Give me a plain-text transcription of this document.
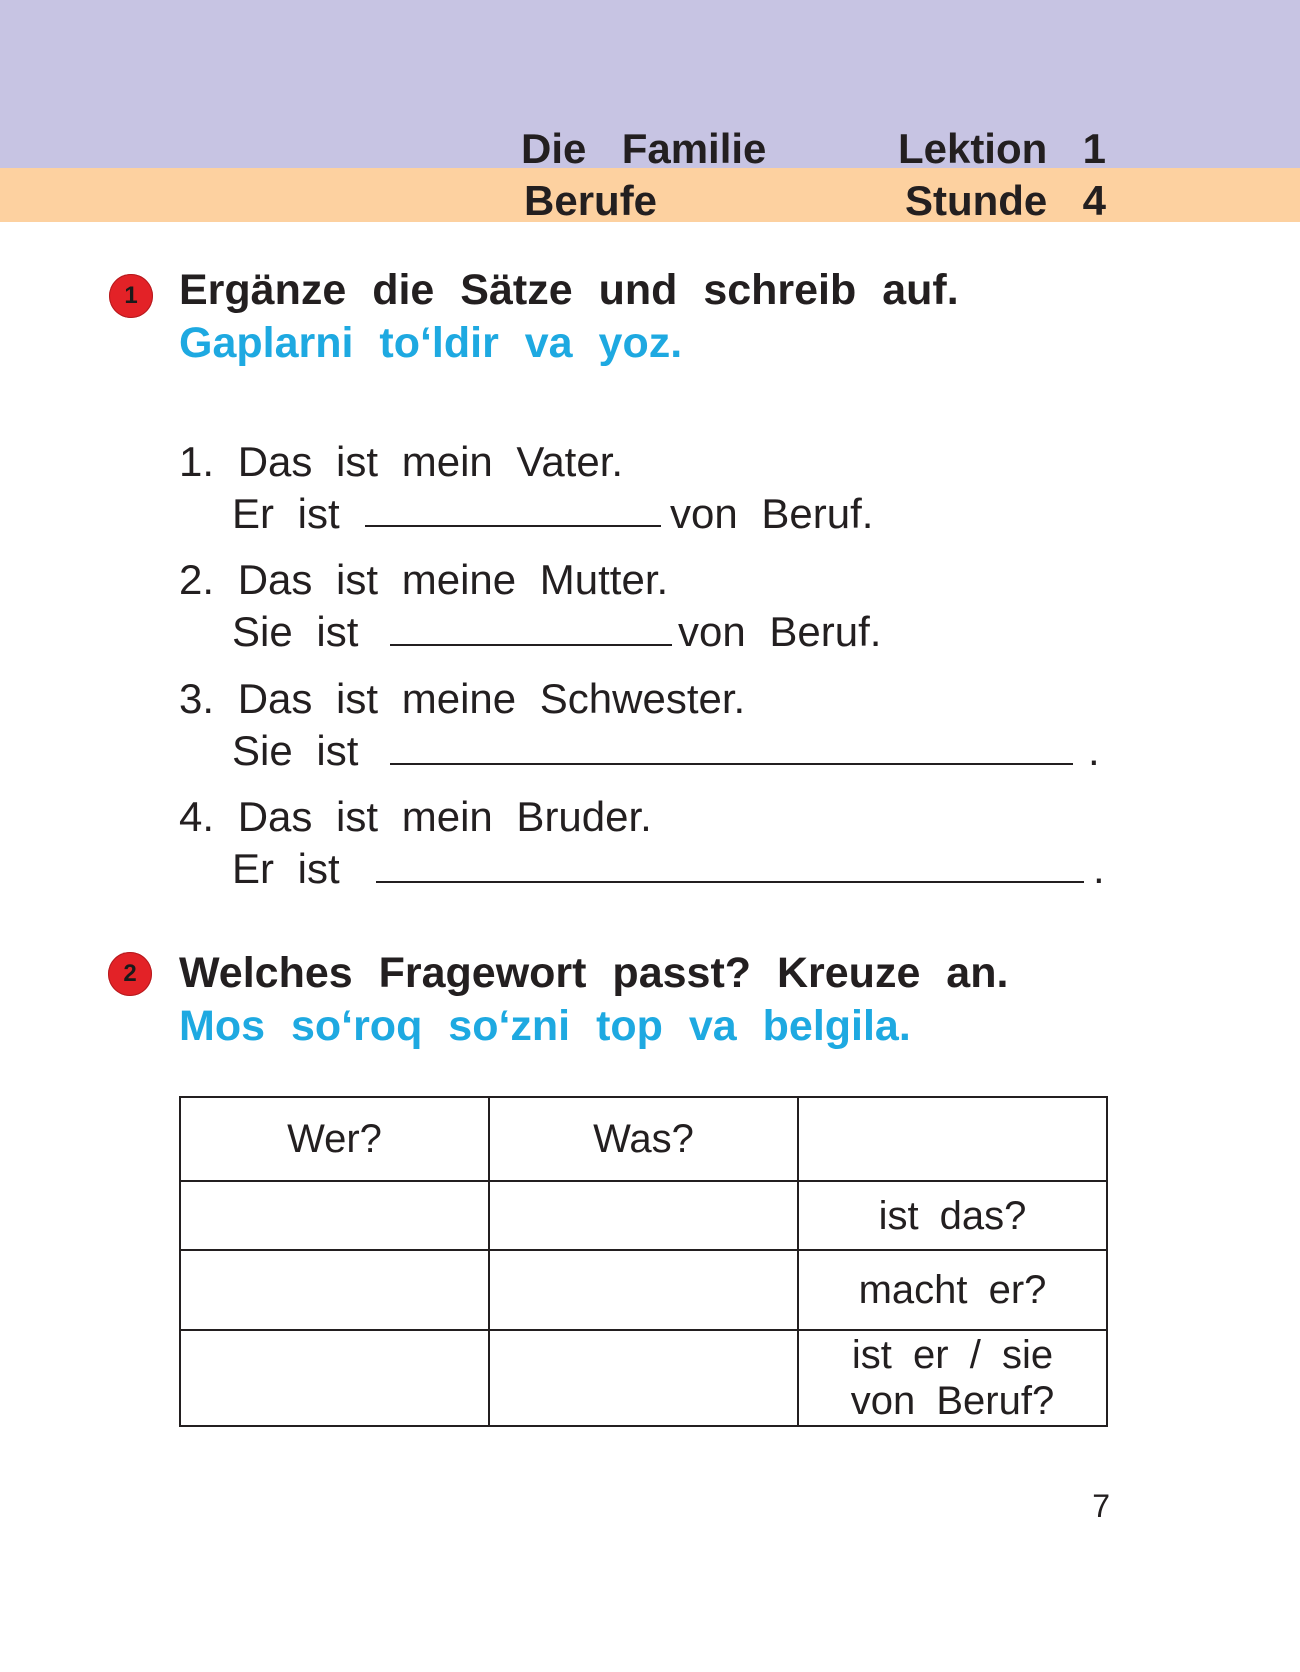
Die  Familie
Berufe
Lektion  1
Stunde  4
1 Ergänze die Sätze und schreib auf.
Gaplarni to‘ldir va yoz.
1. Das ist mein Vater.
Er ist	von Beruf.
2. Das ist meine Mutter.
Sie ist	von Beruf.
3. Das ist meine Schwester.
Sie ist	.
4. Das ist mein Bruder.
Er ist	.
2 Welches Fragewort passt? Kreuze an.
Mos so‘roq so‘zni top va belgila.
Wer?	Was?	
		ist das?
		macht er?

		ist er / sie
von Beruf?
7
